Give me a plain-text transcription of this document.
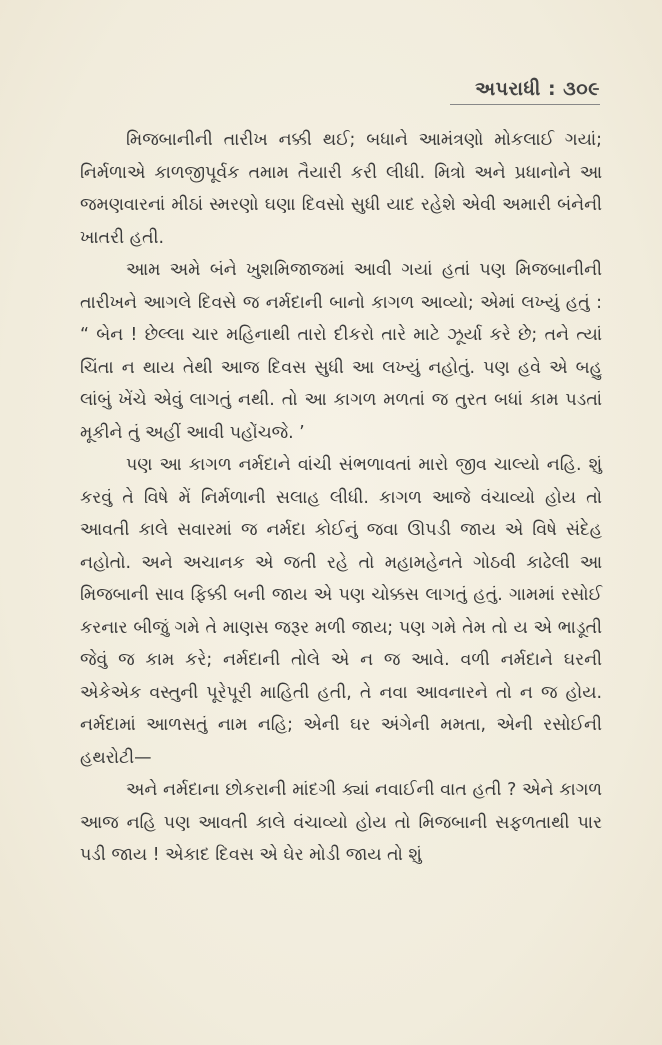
અપરાધી : ૩૦૯

મિજબાનીની તારીખ નક્કી થઈ; બધાને આમંત્રણો મોકલાઈ ગયાં; નિર્મળાએ કાળજીપૂર્વક તમામ તૈયારી કરી લીધી. મિત્રો અને પ્રધાનોને આ જમણવારનાં મીઠાં સ્મરણો ઘણા દિવસો સુધી યાદ રહેશે એવી અમારી બંનેની ખાતરી હતી.

આમ અમે બંને ખુશમિજાજમાં આવી ગયાં હતાં પણ મિજબાનીની તારીખને આગલે દિવસે જ નર્મદાની બાનો કાગળ આવ્યો; એમાં લખ્યું હતું : “ બેન ! છેલ્લા ચાર મહિનાથી તારો દીકરો તારે માટે ઝૂર્યા કરે છે; તને ત્યાં ચિંતા ન થાય તેથી આજ દિવસ સુધી આ લખ્યું નહોતું. પણ હવે એ બહુ લાંબું ખેંચે એવું લાગતું નથી. તો આ કાગળ મળતાં જ તુરત બધાં કામ પડતાં મૂકીને તું અહીં આવી પહોંચજે. ’

પણ આ કાગળ નર્મદાને વાંચી સંભળાવતાં મારો જીવ ચાલ્યો નહિ. શું કરવું તે વિષે મેં નિર્મળાની સલાહ લીધી. કાગળ આજે વંચાવ્યો હોય તો આવતી કાલે સવારમાં જ નર્મદા કોઈનું જવા ઊપડી જાય એ વિષે સંદેહ નહોતો. અને અચાનક એ જતી રહે તો મહામહેનતે ગોઠવી કાઢેલી આ મિજબાની સાવ ફિક્કી બની જાય એ પણ ચોક્કસ લાગતું હતું. ગામમાં રસોઈ કરનાર બીજું ગમે તે માણસ જરૂર મળી જાય; પણ ગમે તેમ તો ય એ ભાડૂતી જેવું જ કામ કરે; નર્મદાની તોલે એ ન જ આવે. વળી નર્મદાને ઘરની એકેએક વસ્તુની પૂરેપૂરી માહિતી હતી, તે નવા આવનારને તો ન જ હોય. નર્મદામાં આળસતું નામ નહિ; એની ઘર અંગેની મમતા, એની રસોઈની હથરોટી—

અને નર્મદાના છોકરાની માંદગી ક્યાં નવાઈની વાત હતી ? એને કાગળ આજ નહિ પણ આવતી કાલે વંચાવ્યો હોય તો મિજબાની સફળતાથી પાર પડી જાય ! એકાદ દિવસ એ ઘેર મોડી જાય તો શું
